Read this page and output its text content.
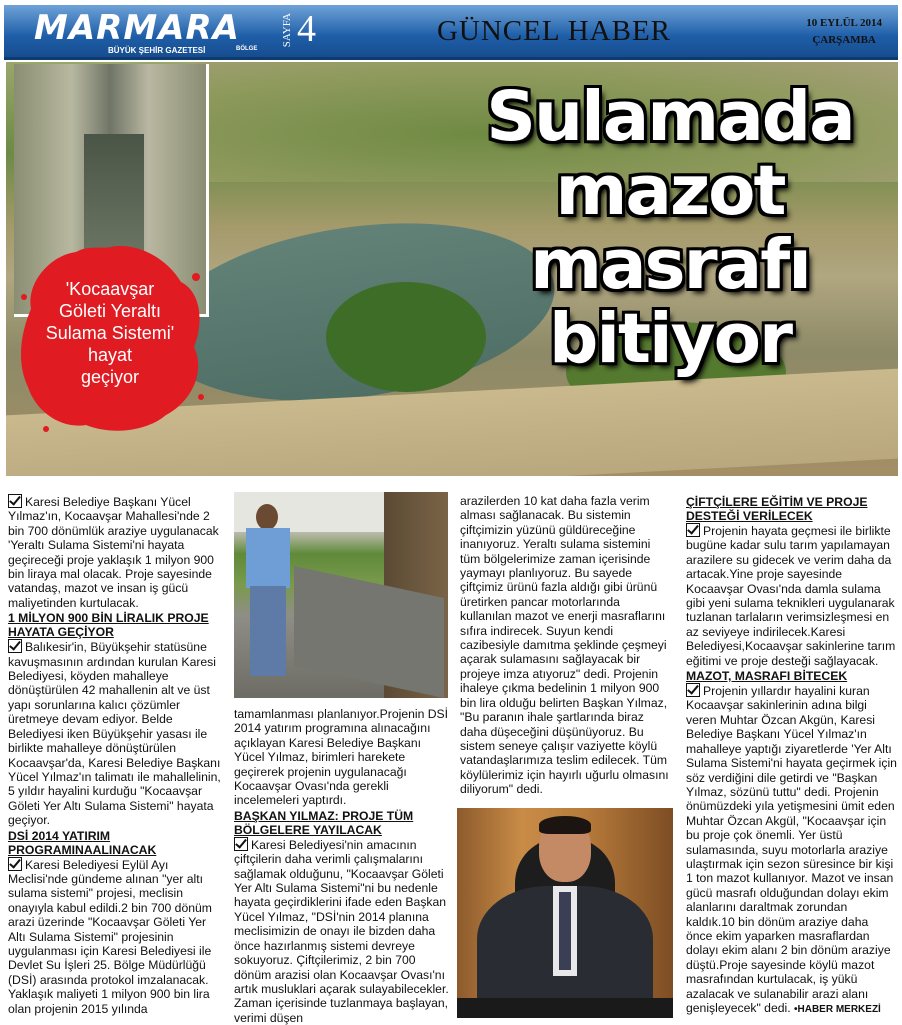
MARMARA
BÜYÜK ŞEHİR GAZETESİ	BÖLGE
SAYFA 4	GÜNCEL HABER	10 EYLÜL 2014
ÇARŞAMBA
Sulamada
mazot
masrafı
bitiyor
'Kocaavşar
Göleti Yeraltı
Sulama Sistemi'
hayat
geçiyor

Karesi Belediye Başkanı Yücel Yılmaz'ın, Kocaavşar Mahallesi'nde 2 bin 700 dönümlük araziye uygulanacak 'Yeraltı Sulama Sistemi'ni hayata geçireceği proje yaklaşık 1 milyon 900 bin liraya mal olacak. Proje sayesinde vatandaş, mazot ve insan iş gücü maliyetinden kurtulacak.

1 MİLYON 900 BİN LİRALIK PROJE HAYATA GEÇİYOR

Balıkesir'in, Büyükşehir statüsüne kavuşmasının ardından kurulan Karesi Belediyesi, köyden mahalleye dönüştürülen 42 mahallenin alt ve üst yapı sorunlarına kalıcı çözümler üretmeye devam ediyor. Belde Belediyesi iken Büyükşehir yasası ile birlikte mahalleye dönüştürülen Kocaavşar'da, Karesi Belediye Başkanı Yücel Yılmaz'ın talimatı ile mahallelinin, 5 yıldır hayalini kurduğu "Kocaavşar Göleti Yer Altı Sulama Sistemi" hayata geçiyor.

DSİ 2014 YATIRIM PROGRAMINAALINACAK

Karesi Belediyesi Eylül Ayı Meclisi'nde gündeme alınan "yer altı sulama sistemi" projesi, meclisin onayıyla kabul edildi.2 bin 700 dönüm arazi üzerinde "Kocaavşar Göleti Yer Altı Sulama Sistemi" projesinin uygulanması için Karesi Belediyesi ile Devlet Su İşleri 25. Bölge Müdürlüğü (DSİ) arasında protokol imzalanacak. Yaklaşık maliyeti 1 milyon 900 bin lira olan projenin 2015 yılında

tamamlanması planlanıyor.Projenin DSİ 2014 yatırım programına alınacağını açıklayan Karesi Belediye Başkanı Yücel Yılmaz, birimleri harekete geçirerek projenin uygulanacağı Kocaavşar Ovası'nda gerekli incelemeleri yaptırdı.

BAŞKAN YILMAZ: PROJE TÜM BÖLGELERE YAYILACAK

Karesi Belediyesi'nin amacının çiftçilerin daha verimli çalışmalarını sağlamak olduğunu, "Kocaavşar Göleti Yer Altı Sulama Sistemi"ni bu nedenle hayata geçirdiklerini ifade eden Başkan Yücel Yılmaz, "DSİ'nin 2014 planına meclisimizin de onayı ile bizden daha önce hazırlanmış sistemi devreye sokuyoruz. Çiftçilerimiz, 2 bin 700 dönüm arazisi olan Kocaavşar Ovası'nı artık musluklari açarak sulayabilecekler. Zaman içerisinde tuzlanmaya başlayan, verimi düşen

arazilerden 10 kat daha fazla verim alması sağlanacak. Bu sistemin çiftçimizin yüzünü güldüreceğine inanıyoruz. Yeraltı sulama sistemini tüm bölgelerimize zaman içerisinde yaymayı planlıyoruz. Bu sayede çiftçimiz ürünü fazla aldığı gibi ürünü üretirken pancar motorlarında kullanılan mazot ve enerji masraflarını sıfıra indirecek. Suyun kendi cazibesiyle damıtma şeklinde çeşmeyi açarak sulamasını sağlayacak bir projeye imza atıyoruz" dedi. Projenin ihaleye çıkma bedelinin 1 milyon 900 bin lira olduğu belirten Başkan Yılmaz, "Bu paranın ihale şartlarında biraz daha düşeceğini düşünüyoruz. Bu sistem seneye çalışır vaziyette köylü vatandaşlarımıza teslim edilecek. Tüm köylülerimiz için hayırlı uğurlu olmasını diliyorum" dedi.

ÇİFTÇİLERE EĞİTİM VE PROJE DESTEĞİ VERİLECEK

Projenin hayata geçmesi ile birlikte bugüne kadar sulu tarım yapılamayan arazilere su gidecek ve verim daha da artacak.Yine proje sayesinde Kocaavşar Ovası'nda damla sulama gibi yeni sulama teknikleri uygulanarak tuzlanan tarlaların verimsizleşmesi en az seviyeye indirilecek.Karesi Belediyesi,Kocaavşar sakinlerine tarım eğitimi ve proje desteği sağlayacak.

MAZOT, MASRAFI BİTECEK

Projenin yıllardır hayalini kuran Kocaavşar sakinlerinin adına bilgi veren Muhtar Özcan Akgün, Karesi Belediye Başkanı Yücel Yılmaz'ın mahalleye yaptığı ziyaretlerde 'Yer Altı Sulama Sistemi'ni hayata geçirmek için söz verdiğini dile getirdi ve "Başkan Yılmaz, sözünü tuttu" dedi. Projenin önümüzdeki yıla yetişmesini ümit eden Muhtar Özcan Akgül, "Kocaavşar için bu proje çok önemli. Yer üstü sulamasında, suyu motorlarla araziye ulaştırmak için sezon süresince bir kişi 1 ton mazot kullanıyor. Mazot ve insan gücü masrafı olduğundan dolayı ekim alanlarını daraltmak zorundan kaldık.10 bin dönüm araziye daha önce ekim yaparken masraflardan dolayı ekim alanı 2 bin dönüm araziye düştü.Proje sayesinde köylü mazot masrafından kurtulacak, iş yükü azalacak ve sulanabilir arazi alanı genişleyecek" dedi. •HABER MERKEZİ
